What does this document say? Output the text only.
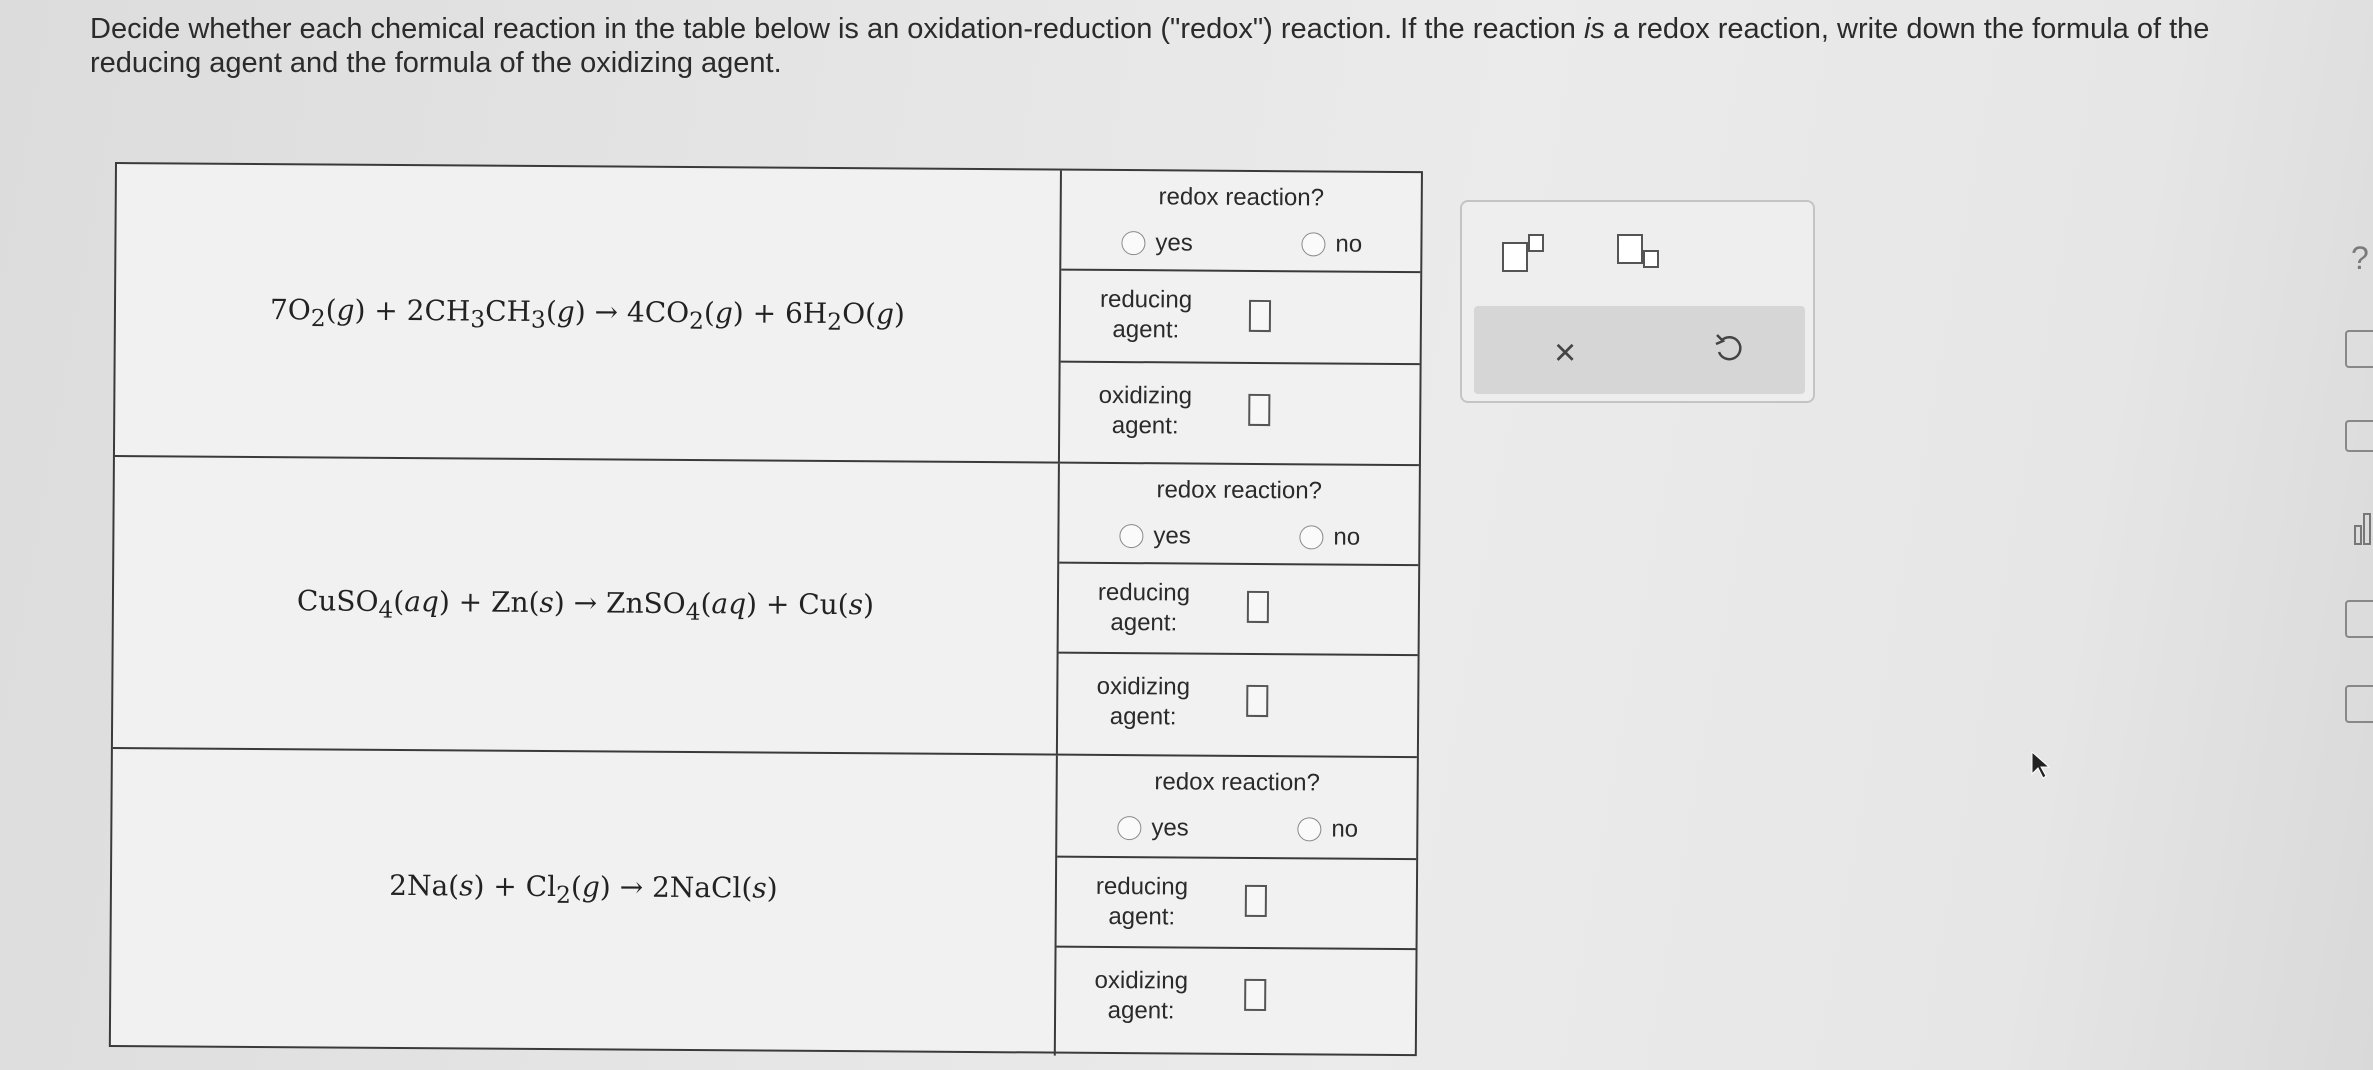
Decide whether each chemical reaction in the table below is an oxidation-reduction ("redox") reaction. If the reaction is a redox reaction, write down the formula of the reducing agent and the formula of the oxidizing agent.
$7O_2(g) + 2CH_3CH_3(g) \to 4CO_2(g) + 6H_2O(g)$
redox reaction?
yes	no
reducing agent:
oxidizing agent:
CuSO$_4$(aq) + Zn(s) → ZnSO$_4$(aq) + Cu(s)
redox reaction?
yes	no
reducing agent:
oxidizing agent:
$2Na(s) + Cl_2(g)$ → 2NaCl(s)
redox reaction?
yes	no
reducing agent:
oxidizing agent:
×
?
